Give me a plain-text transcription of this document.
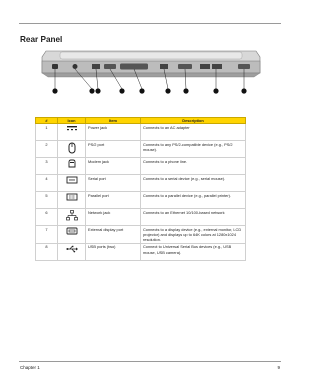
Rear Panel
#	Icon	Item	Description
1		Power jack	Connects to an AC adapter
2		PS/2 port	Connects to any PS/2-compatible device (e.g., PS/2 mouse).
3		Modem jack	Connects to a phone line.
4		Serial port	Connects to a serial device (e.g., serial mouse).
5		Parallel port	Connects to a parallel device (e.g., parallel printer).
6		Network jack	Connects to an Ethernet 10/100-based network
7		External display port	Connects to a display device (e.g., external monitor, LCD projector) and displays up to 64K colors at 1280x1024 resolution.
8		USB ports (two)	Connect to Universal Serial Bus devices (e.g., USB mouse, USB camera).
Chapter 1	9
